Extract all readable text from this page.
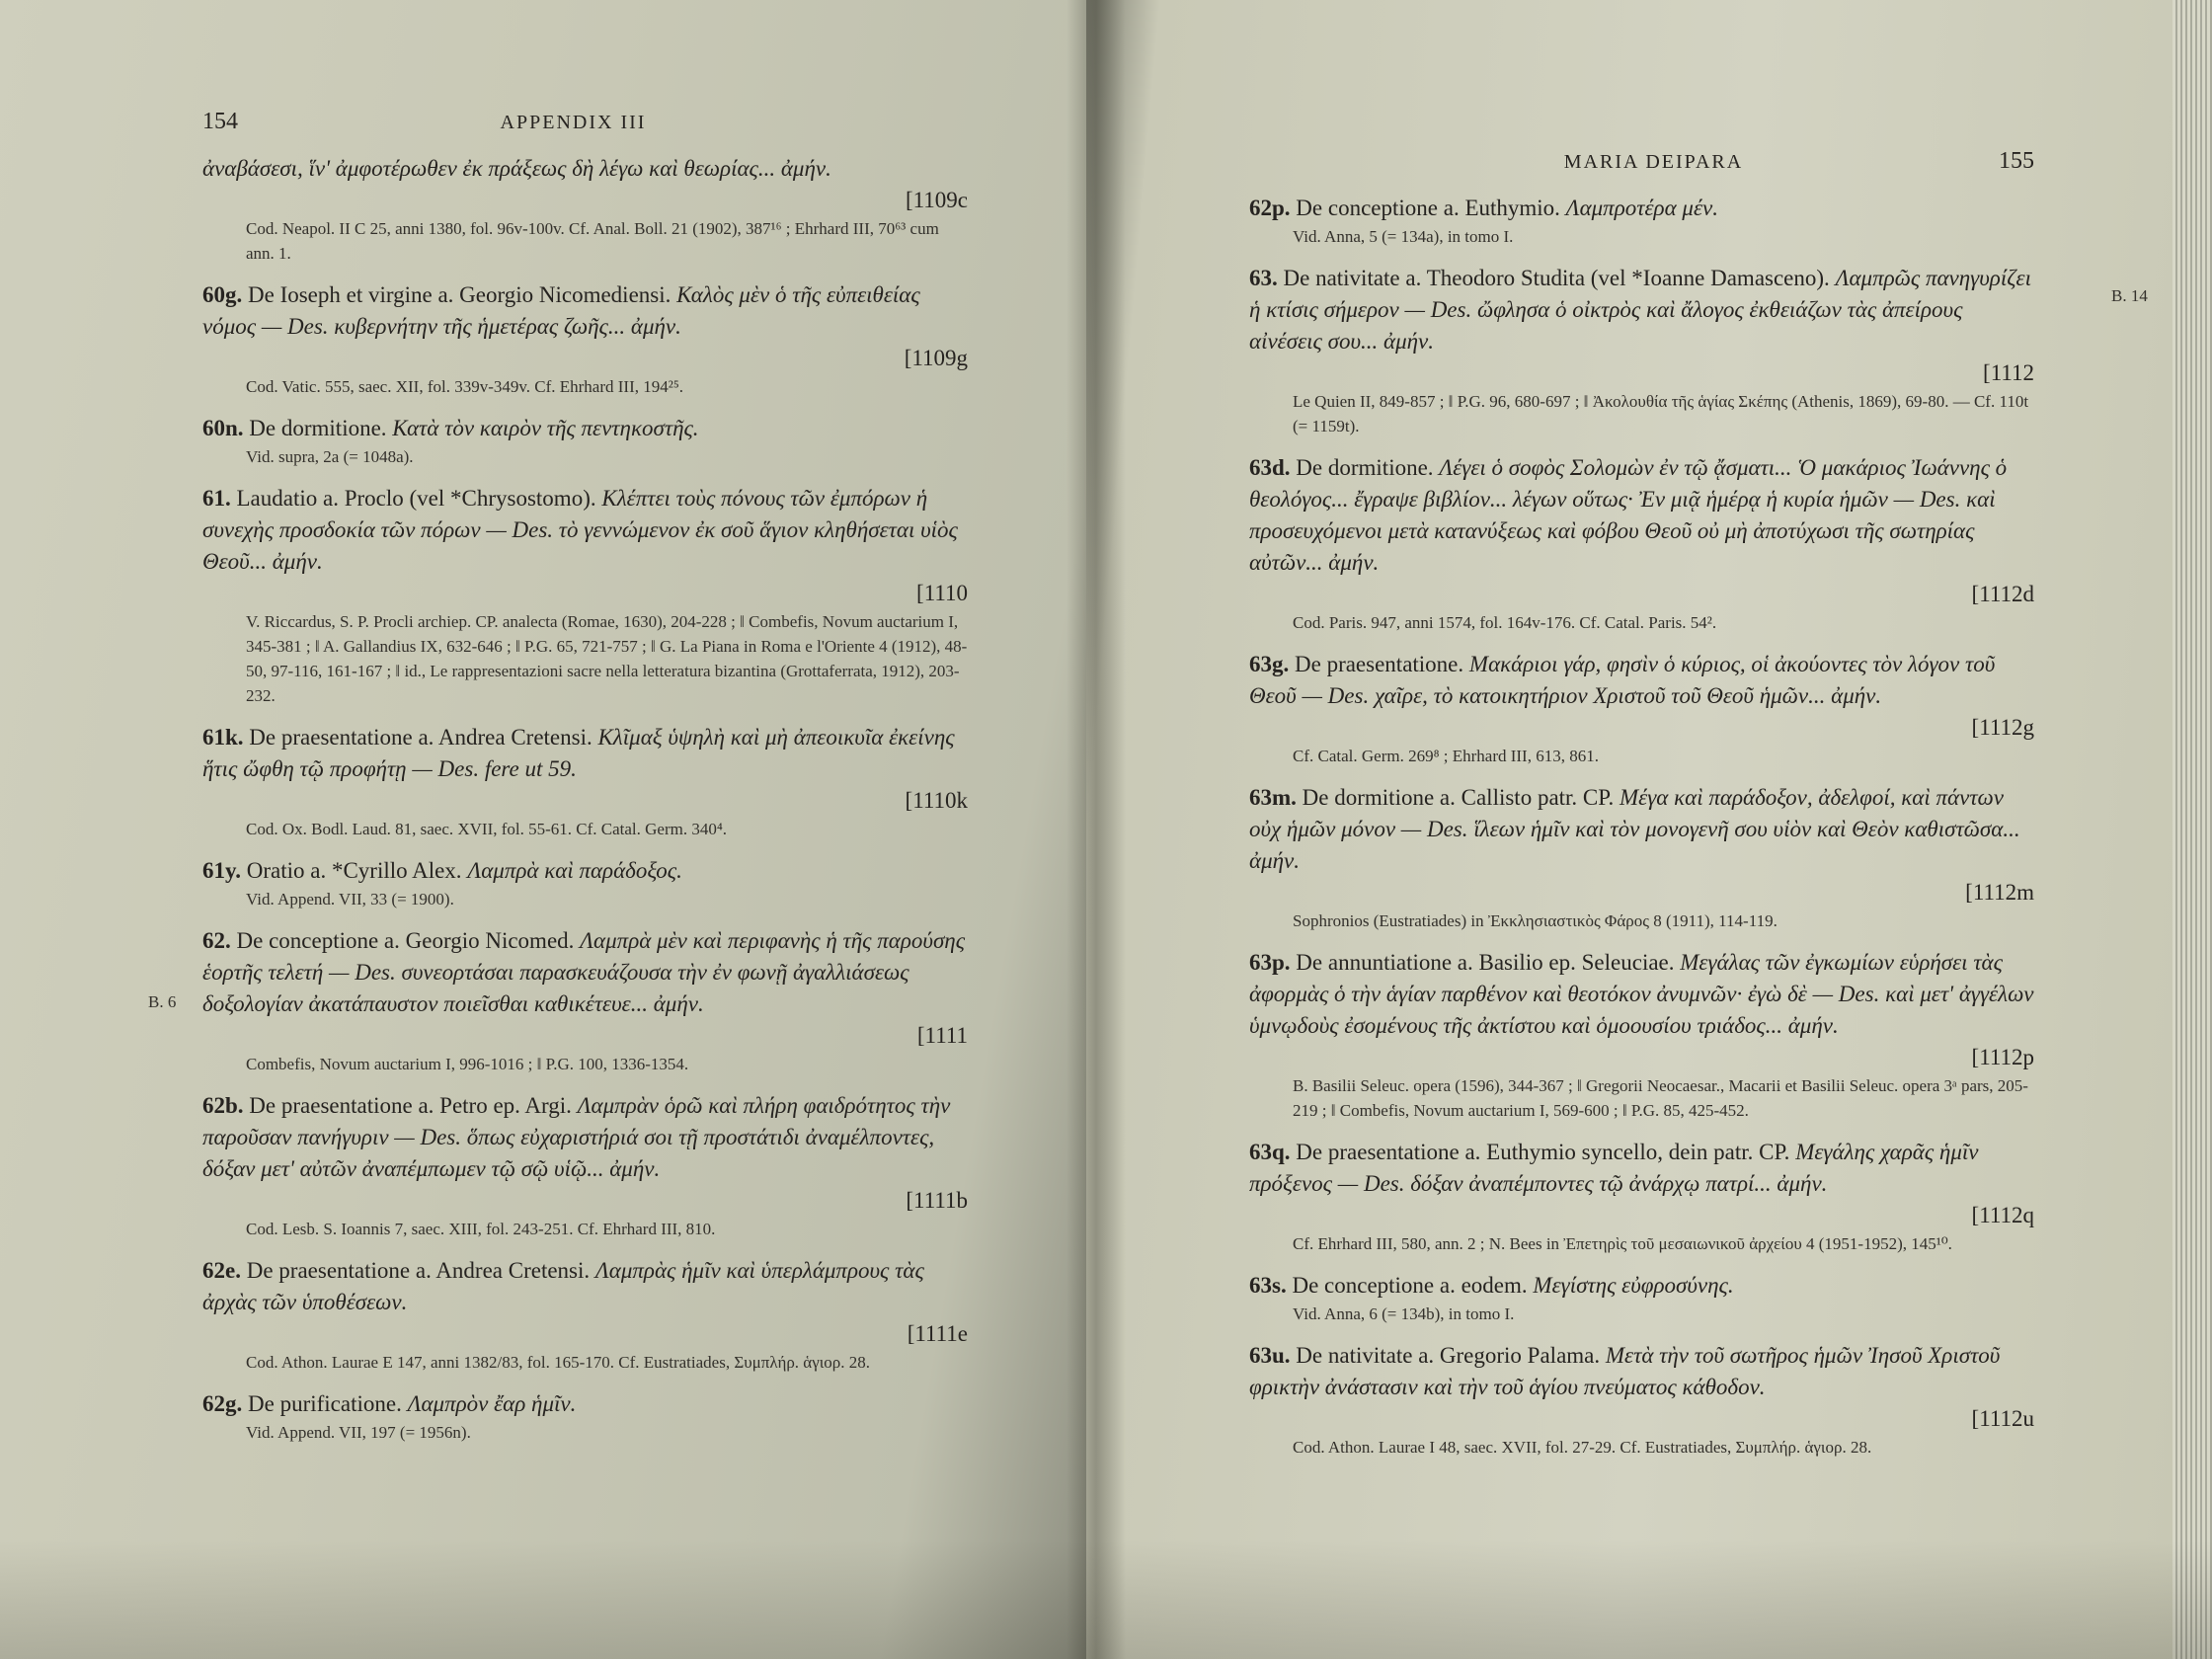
154	APPENDIX III
ἀναβάσεσι, ἵν' ἀμφοτέρωθεν ἐκ πράξεως δὴ λέγω καὶ θεωρίας... ἀμήν.
[1109c
Cod. Neapol. II C 25, anni 1380, fol. 96v-100v. Cf. Anal. Boll. 21 (1902), 387¹⁶ ; Ehrhard III, 70⁶³ cum ann. 1.
60g. De Ioseph et virgine a. Georgio Nicomediensi. Καλὸς μὲν ὁ τῆς εὐπειθείας νόμος — Des. κυβερνήτην τῆς ἡμετέρας ζωῆς... ἀμήν.
[1109g
Cod. Vatic. 555, saec. XII, fol. 339v-349v. Cf. Ehrhard III, 194²⁵.
60n. De dormitione. Κατὰ τὸν καιρὸν τῆς πεντηκοστῆς.
Vid. supra, 2a (= 1048a).
61. Laudatio a. Proclo (vel *Chrysostomo). Κλέπτει τοὺς πόνους τῶν ἐμπόρων ἡ συνεχὴς προσδοκία τῶν πόρων — Des. τὸ γεννώμενον ἐκ σοῦ ἅγιον κληθήσεται υἱὸς Θεοῦ... ἀμήν.
[1110
V. Riccardus, S. P. Procli archiep. CP. analecta (Romae, 1630), 204-228 ; ‖ Combefis, Novum auctarium I, 345-381 ; ‖ A. Gallandius IX, 632-646 ; ‖ P.G. 65, 721-757 ; ‖ G. La Piana in Roma e l'Oriente 4 (1912), 48-50, 97-116, 161-167 ; ‖ id., Le rappresentazioni sacre nella letteratura bizantina (Grottaferrata, 1912), 203-232.
61k. De praesentatione a. Andrea Cretensi. Κλῖμαξ ὑψηλὴ καὶ μὴ ἀπεοικυῖα ἐκείνης ἥτις ὤφθη τῷ προφήτῃ — Des. fere ut 59.
[1110k
Cod. Ox. Bodl. Laud. 81, saec. XVII, fol. 55-61. Cf. Catal. Germ. 340⁴.
61y. Oratio a. *Cyrillo Alex. Λαμπρὰ καὶ παράδοξος.
Vid. Append. VII, 33 (= 1900).
62. De conceptione a. Georgio Nicomed. Λαμπρὰ μὲν καὶ περιφανὴς ἡ τῆς παρούσης ἑορτῆς τελετή — Des. συνεορτάσαι παρασκευάζουσα τὴν ἐν φωνῇ ἀγαλλιάσεως δοξολογίαν ἀκατάπαυστον ποιεῖσθαι καθικέτευε... ἀμήν.
[1111
Combefis, Novum auctarium I, 996-1016 ; ‖ P.G. 100, 1336-1354.
62b. De praesentatione a. Petro ep. Argi. Λαμπρὰν ὁρῶ καὶ πλήρη φαιδρότητος τὴν παροῦσαν πανήγυριν — Des. ὅπως εὐχαριστήριά σοι τῇ προστάτιδι ἀναμέλποντες, δόξαν μετ' αὐτῶν ἀναπέμπωμεν τῷ σῷ υἱῷ... ἀμήν.
[1111b
Cod. Lesb. S. Ioannis 7, saec. XIII, fol. 243-251. Cf. Ehrhard III, 810.
62e. De praesentatione a. Andrea Cretensi. Λαμπρὰς ἡμῖν καὶ ὑπερλάμπρους τὰς ἀρχὰς τῶν ὑποθέσεων.
[1111e
Cod. Athon. Laurae E 147, anni 1382/83, fol. 165-170. Cf. Eustratiades, Συμπλήρ. ἁγιορ. 28.
62g. De purificatione. Λαμπρὸν ἔαρ ἡμῖν.
Vid. Append. VII, 197 (= 1956n).
MARIA DEIPARA	155
62p. De conceptione a. Euthymio. Λαμπροτέρα μέν.
Vid. Anna, 5 (= 134a), in tomo I.
63. De nativitate a. Theodoro Studita (vel *Ioanne Damasceno). Λαμπρῶς πανηγυρίζει ἡ κτίσις σήμερον — Des. ὤφλησα ὁ οἰκτρὸς καὶ ἄλογος ἐκθειάζων τὰς ἀπείρους αἰνέσεις σου... ἀμήν.
[1112
Le Quien II, 849-857 ; ‖ P.G. 96, 680-697 ; ‖ Ἀκολουθία τῆς ἁγίας Σκέπης (Athenis, 1869), 69-80. — Cf. 110t (= 1159t).
63d. De dormitione. Λέγει ὁ σοφὸς Σολομὼν ἐν τῷ ᾄσματι... Ὁ μακάριος Ἰωάννης ὁ θεολόγος... ἔγραψε βιβλίον... λέγων οὕτως· Ἐν μιᾷ ἡμέρᾳ ἡ κυρία ἡμῶν — Des. καὶ προσευχόμενοι μετὰ κατανύξεως καὶ φόβου Θεοῦ οὐ μὴ ἀποτύχωσι τῆς σωτηρίας αὐτῶν... ἀμήν.
[1112d
Cod. Paris. 947, anni 1574, fol. 164v-176. Cf. Catal. Paris. 54².
63g. De praesentatione. Μακάριοι γάρ, φησὶν ὁ κύριος, οἱ ἀκούοντες τὸν λόγον τοῦ Θεοῦ — Des. χαῖρε, τὸ κατοικητήριον Χριστοῦ τοῦ Θεοῦ ἡμῶν... ἀμήν.
[1112g
Cf. Catal. Germ. 269⁸ ; Ehrhard III, 613, 861.
63m. De dormitione a. Callisto patr. CP. Μέγα καὶ παράδοξον, ἀδελφοί, καὶ πάντων οὐχ ἡμῶν μόνον — Des. ἵλεων ἡμῖν καὶ τὸν μονογενῆ σου υἱὸν καὶ Θεὸν καθιστῶσα... ἀμήν.
[1112m
Sophronios (Eustratiades) in Ἐκκλησιαστικὸς Φάρος 8 (1911), 114-119.
63p. De annuntiatione a. Basilio ep. Seleuciae. Μεγάλας τῶν ἐγκωμίων εὑρήσει τὰς ἀφορμὰς ὁ τὴν ἁγίαν παρθένον καὶ θεοτόκον ἀνυμνῶν· ἐγὼ δὲ — Des. καὶ μετ' ἀγγέλων ὑμνῳδοὺς ἐσομένους τῆς ἀκτίστου καὶ ὁμοουσίου τριάδος... ἀμήν.
[1112p
B. Basilii Seleuc. opera (1596), 344-367 ; ‖ Gregorii Neocaesar., Macarii et Basilii Seleuc. opera 3ᵃ pars, 205-219 ; ‖ Combefis, Novum auctarium I, 569-600 ; ‖ P.G. 85, 425-452.
63q. De praesentatione a. Euthymio syncello, dein patr. CP. Μεγάλης χαρᾶς ἡμῖν πρόξενος — Des. δόξαν ἀναπέμποντες τῷ ἀνάρχῳ πατρί... ἀμήν.
[1112q
Cf. Ehrhard III, 580, ann. 2 ; N. Bees in Ἐπετηρὶς τοῦ μεσαιωνικοῦ ἀρχείου 4 (1951-1952), 145¹⁰.
63s. De conceptione a. eodem. Μεγίστης εὐφροσύνης.
Vid. Anna, 6 (= 134b), in tomo I.
63u. De nativitate a. Gregorio Palama. Μετὰ τὴν τοῦ σωτῆρος ἡμῶν Ἰησοῦ Χριστοῦ φρικτὴν ἀνάστασιν καὶ τὴν τοῦ ἁγίου πνεύματος κάθοδον.
[1112u
Cod. Athon. Laurae I 48, saec. XVII, fol. 27-29. Cf. Eustratiades, Συμπλήρ. ἁγιορ. 28.
B. 6
B. 14
